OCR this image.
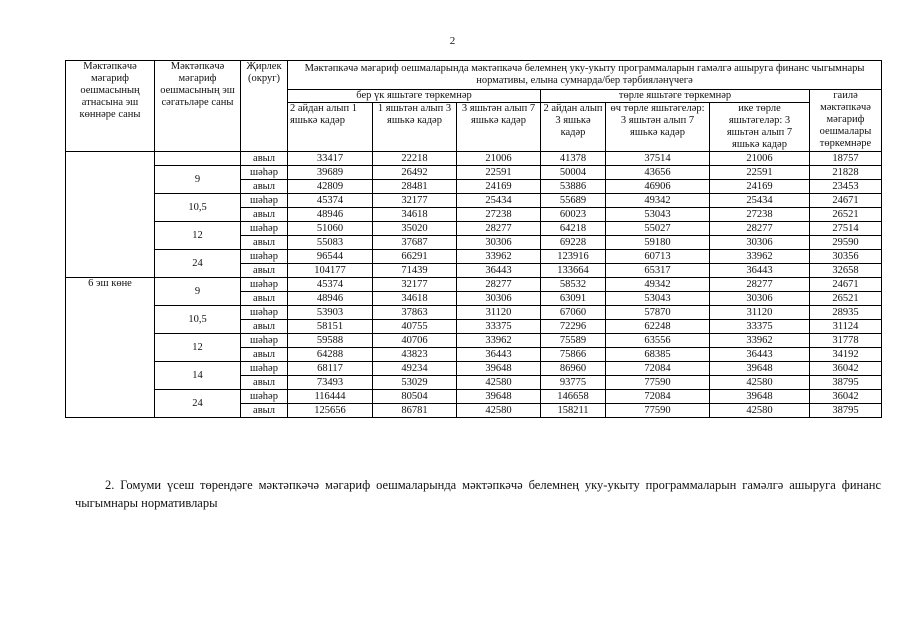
2
Мәктәпкәчә мәгариф оешмасының атнасына эш көннәре саны	Мәктәпкәчә мәгариф оешмасының эш сәгатьләре саны	Җирлек (округ)	Мәктәпкәчә мәгариф оешмаларында мәктәпкәчә белемнең уку-укыту программаларын гамәлгә ашыруга финанс чыгымнары нормативы, елына сумнарда/бер тәрбияләнүчегә						
			бер үк яшьтәге төркемнәр			төрле яшьтәге төркемнәр			гаилә мәктәпкәчә мәгариф оешмалары төркемнәре
			2 айдан алып 1 яшькә кадәр	1 яшьтән алып 3 яшькә кадәр	3 яшьтән алып 7 яшькә кадәр	2 айдан алып 3 яшькә кадәр	өч төрле яшьтәгеләр: 3 яшьтән алып 7 яшькә кадәр	ике төрле яшьтәгеләр: 3 яшьтән алып 7 яшькә кадәр	
		авыл	33417	22218	21006	41378	37514	21006	18757
	9	шәһәр	39689	26492	22591	50004	43656	22591	21828
		авыл	42809	28481	24169	53886	46906	24169	23453
	10,5	шәһәр	45374	32177	25434	55689	49342	25434	24671
		авыл	48946	34618	27238	60023	53043	27238	26521
	12	шәһәр	51060	35020	28277	64218	55027	28277	27514
		авыл	55083	37687	30306	69228	59180	30306	29590
	24	шәһәр	96544	66291	33962	123916	60713	33962	30356
		авыл	104177	71439	36443	133664	65317	36443	32658
6 эш көне	9	шәһәр	45374	32177	28277	58532	49342	28277	24671
		авыл	48946	34618	30306	63091	53043	30306	26521
	10,5	шәһәр	53903	37863	31120	67060	57870	31120	28935
		авыл	58151	40755	33375	72296	62248	33375	31124
	12	шәһәр	59588	40706	33962	75589	63556	33962	31778
		авыл	64288	43823	36443	75866	68385	36443	34192
	14	шәһәр	68117	49234	39648	86960	72084	39648	36042
		авыл	73493	53029	42580	93775	77590	42580	38795
	24	шәһәр	116444	80504	39648	146658	72084	39648	36042
		авыл	125656	86781	42580	158211	77590	42580	38795
2. Гомуми үсеш төрендәге мәктәпкәчә мәгариф оешмаларында мәктәпкәчә белемнең уку-укыту программаларын гамәлгә ашыруга финанс чыгымнары нормативлары
